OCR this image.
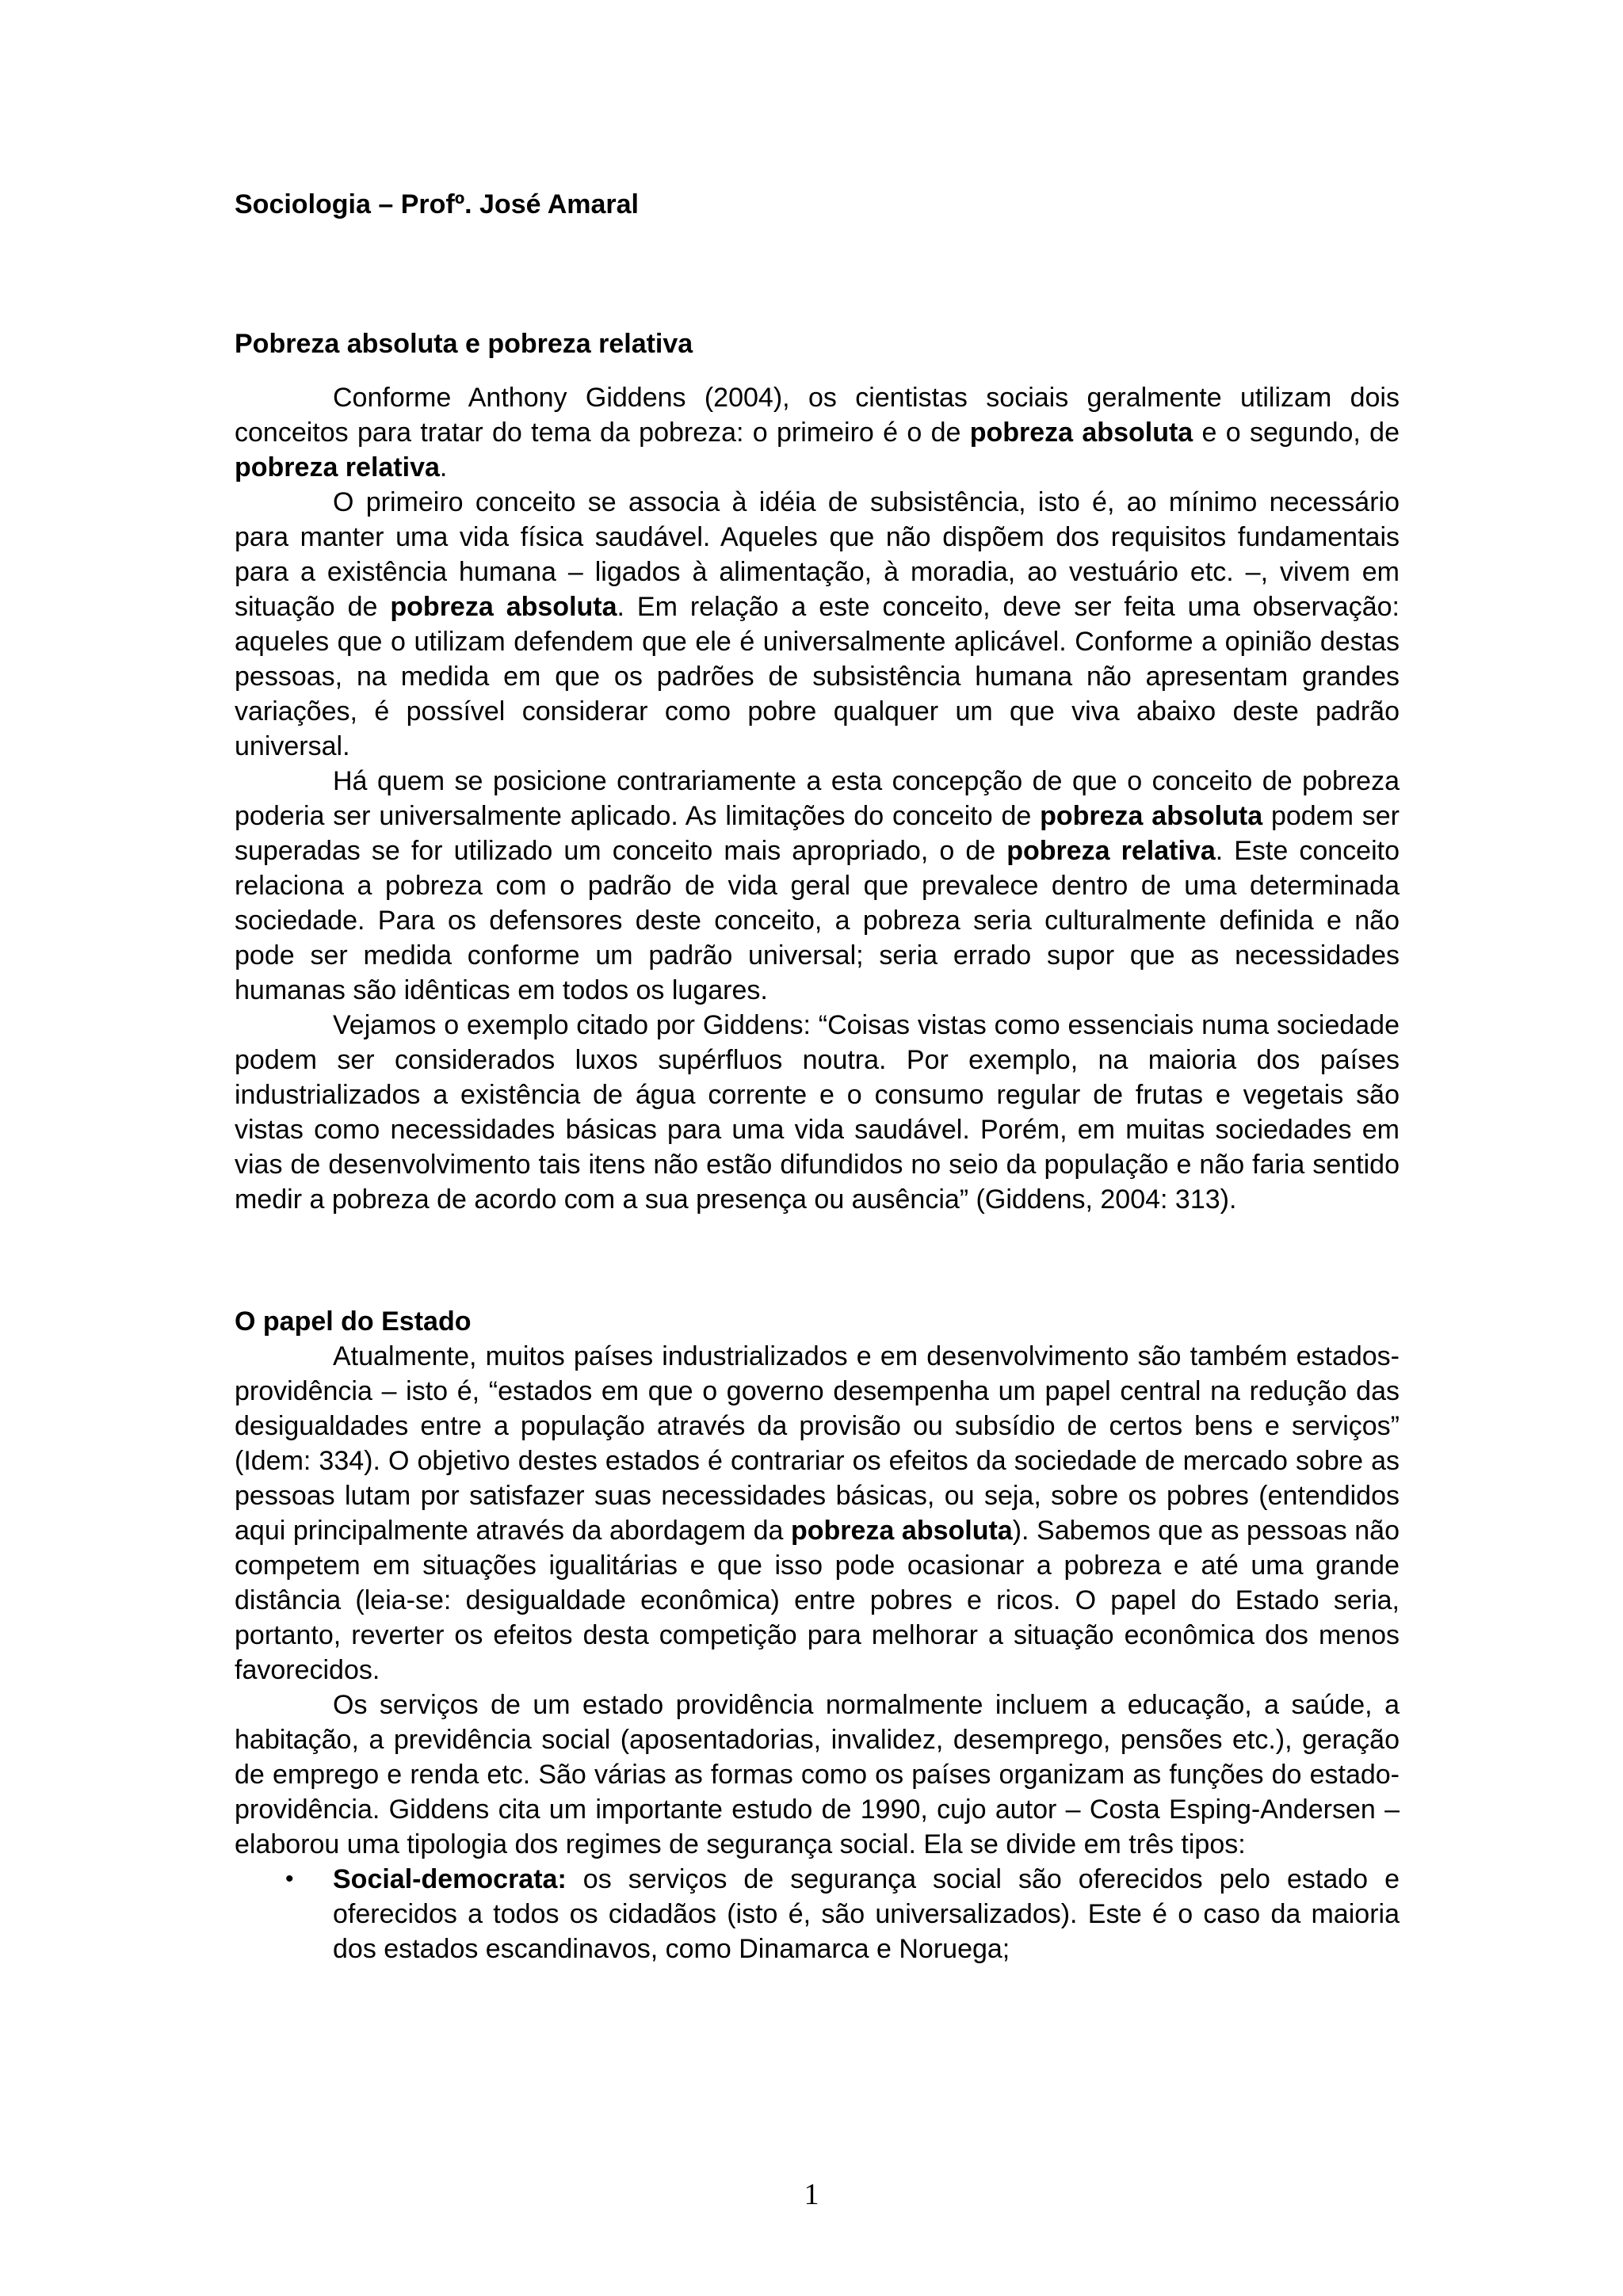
Sociologia – Profº. José Amaral

Pobreza absoluta e pobreza relativa

Conforme Anthony Giddens (2004), os cientistas sociais geralmente utilizam dois conceitos para tratar do tema da pobreza: o primeiro é o de pobreza absoluta e o segundo, de pobreza relativa.

O primeiro conceito se associa à idéia de subsistência, isto é, ao mínimo necessário para manter uma vida física saudável. Aqueles que não dispõem dos requisitos fundamentais para a existência humana – ligados à alimentação, à moradia, ao vestuário etc. –, vivem em situação de pobreza absoluta. Em relação a este conceito, deve ser feita uma observação: aqueles que o utilizam defendem que ele é universalmente aplicável. Conforme a opinião destas pessoas, na medida em que os padrões de subsistência humana não apresentam grandes variações, é possível considerar como pobre qualquer um que viva abaixo deste padrão universal.

Há quem se posicione contrariamente a esta concepção de que o conceito de pobreza poderia ser universalmente aplicado. As limitações do conceito de pobreza absoluta podem ser superadas se for utilizado um conceito mais apropriado, o de pobreza relativa. Este conceito relaciona a pobreza com o padrão de vida geral que prevalece dentro de uma determinada sociedade. Para os defensores deste conceito, a pobreza seria culturalmente definida e não pode ser medida conforme um padrão universal; seria errado supor que as necessidades humanas são idênticas em todos os lugares.

Vejamos o exemplo citado por Giddens: “Coisas vistas como essenciais numa sociedade podem ser considerados luxos supérfluos noutra. Por exemplo, na maioria dos países industrializados a existência de água corrente e o consumo regular de frutas e vegetais são vistas como necessidades básicas para uma vida saudável. Porém, em muitas sociedades em vias de desenvolvimento tais itens não estão difundidos no seio da população e não faria sentido medir a pobreza de acordo com a sua presença ou ausência” (Giddens, 2004: 313).

O papel do Estado

Atualmente, muitos países industrializados e em desenvolvimento são também estados-providência – isto é, “estados em que o governo desempenha um papel central na redução das desigualdades entre a população através da provisão ou subsídio de certos bens e serviços” (Idem: 334). O objetivo destes estados é contrariar os efeitos da sociedade de mercado sobre as pessoas lutam por satisfazer suas necessidades básicas, ou seja, sobre os pobres (entendidos aqui principalmente através da abordagem da pobreza absoluta). Sabemos que as pessoas não competem em situações igualitárias e que isso pode ocasionar a pobreza e até uma grande distância (leia-se: desigualdade econômica) entre pobres e ricos. O papel do Estado seria, portanto, reverter os efeitos desta competição para melhorar a situação econômica dos menos favorecidos.

Os serviços de um estado providência normalmente incluem a educação, a saúde, a habitação, a previdência social (aposentadorias, invalidez, desemprego, pensões etc.), geração de emprego e renda etc. São várias as formas como os países organizam as funções do estado-providência. Giddens cita um importante estudo de 1990, cujo autor – Costa Esping-Andersen – elaborou uma tipologia dos regimes de segurança social. Ela se divide em três tipos:

• Social-democrata: os serviços de segurança social são oferecidos pelo estado e oferecidos a todos os cidadãos (isto é, são universalizados). Este é o caso da maioria dos estados escandinavos, como Dinamarca e Noruega;
1
